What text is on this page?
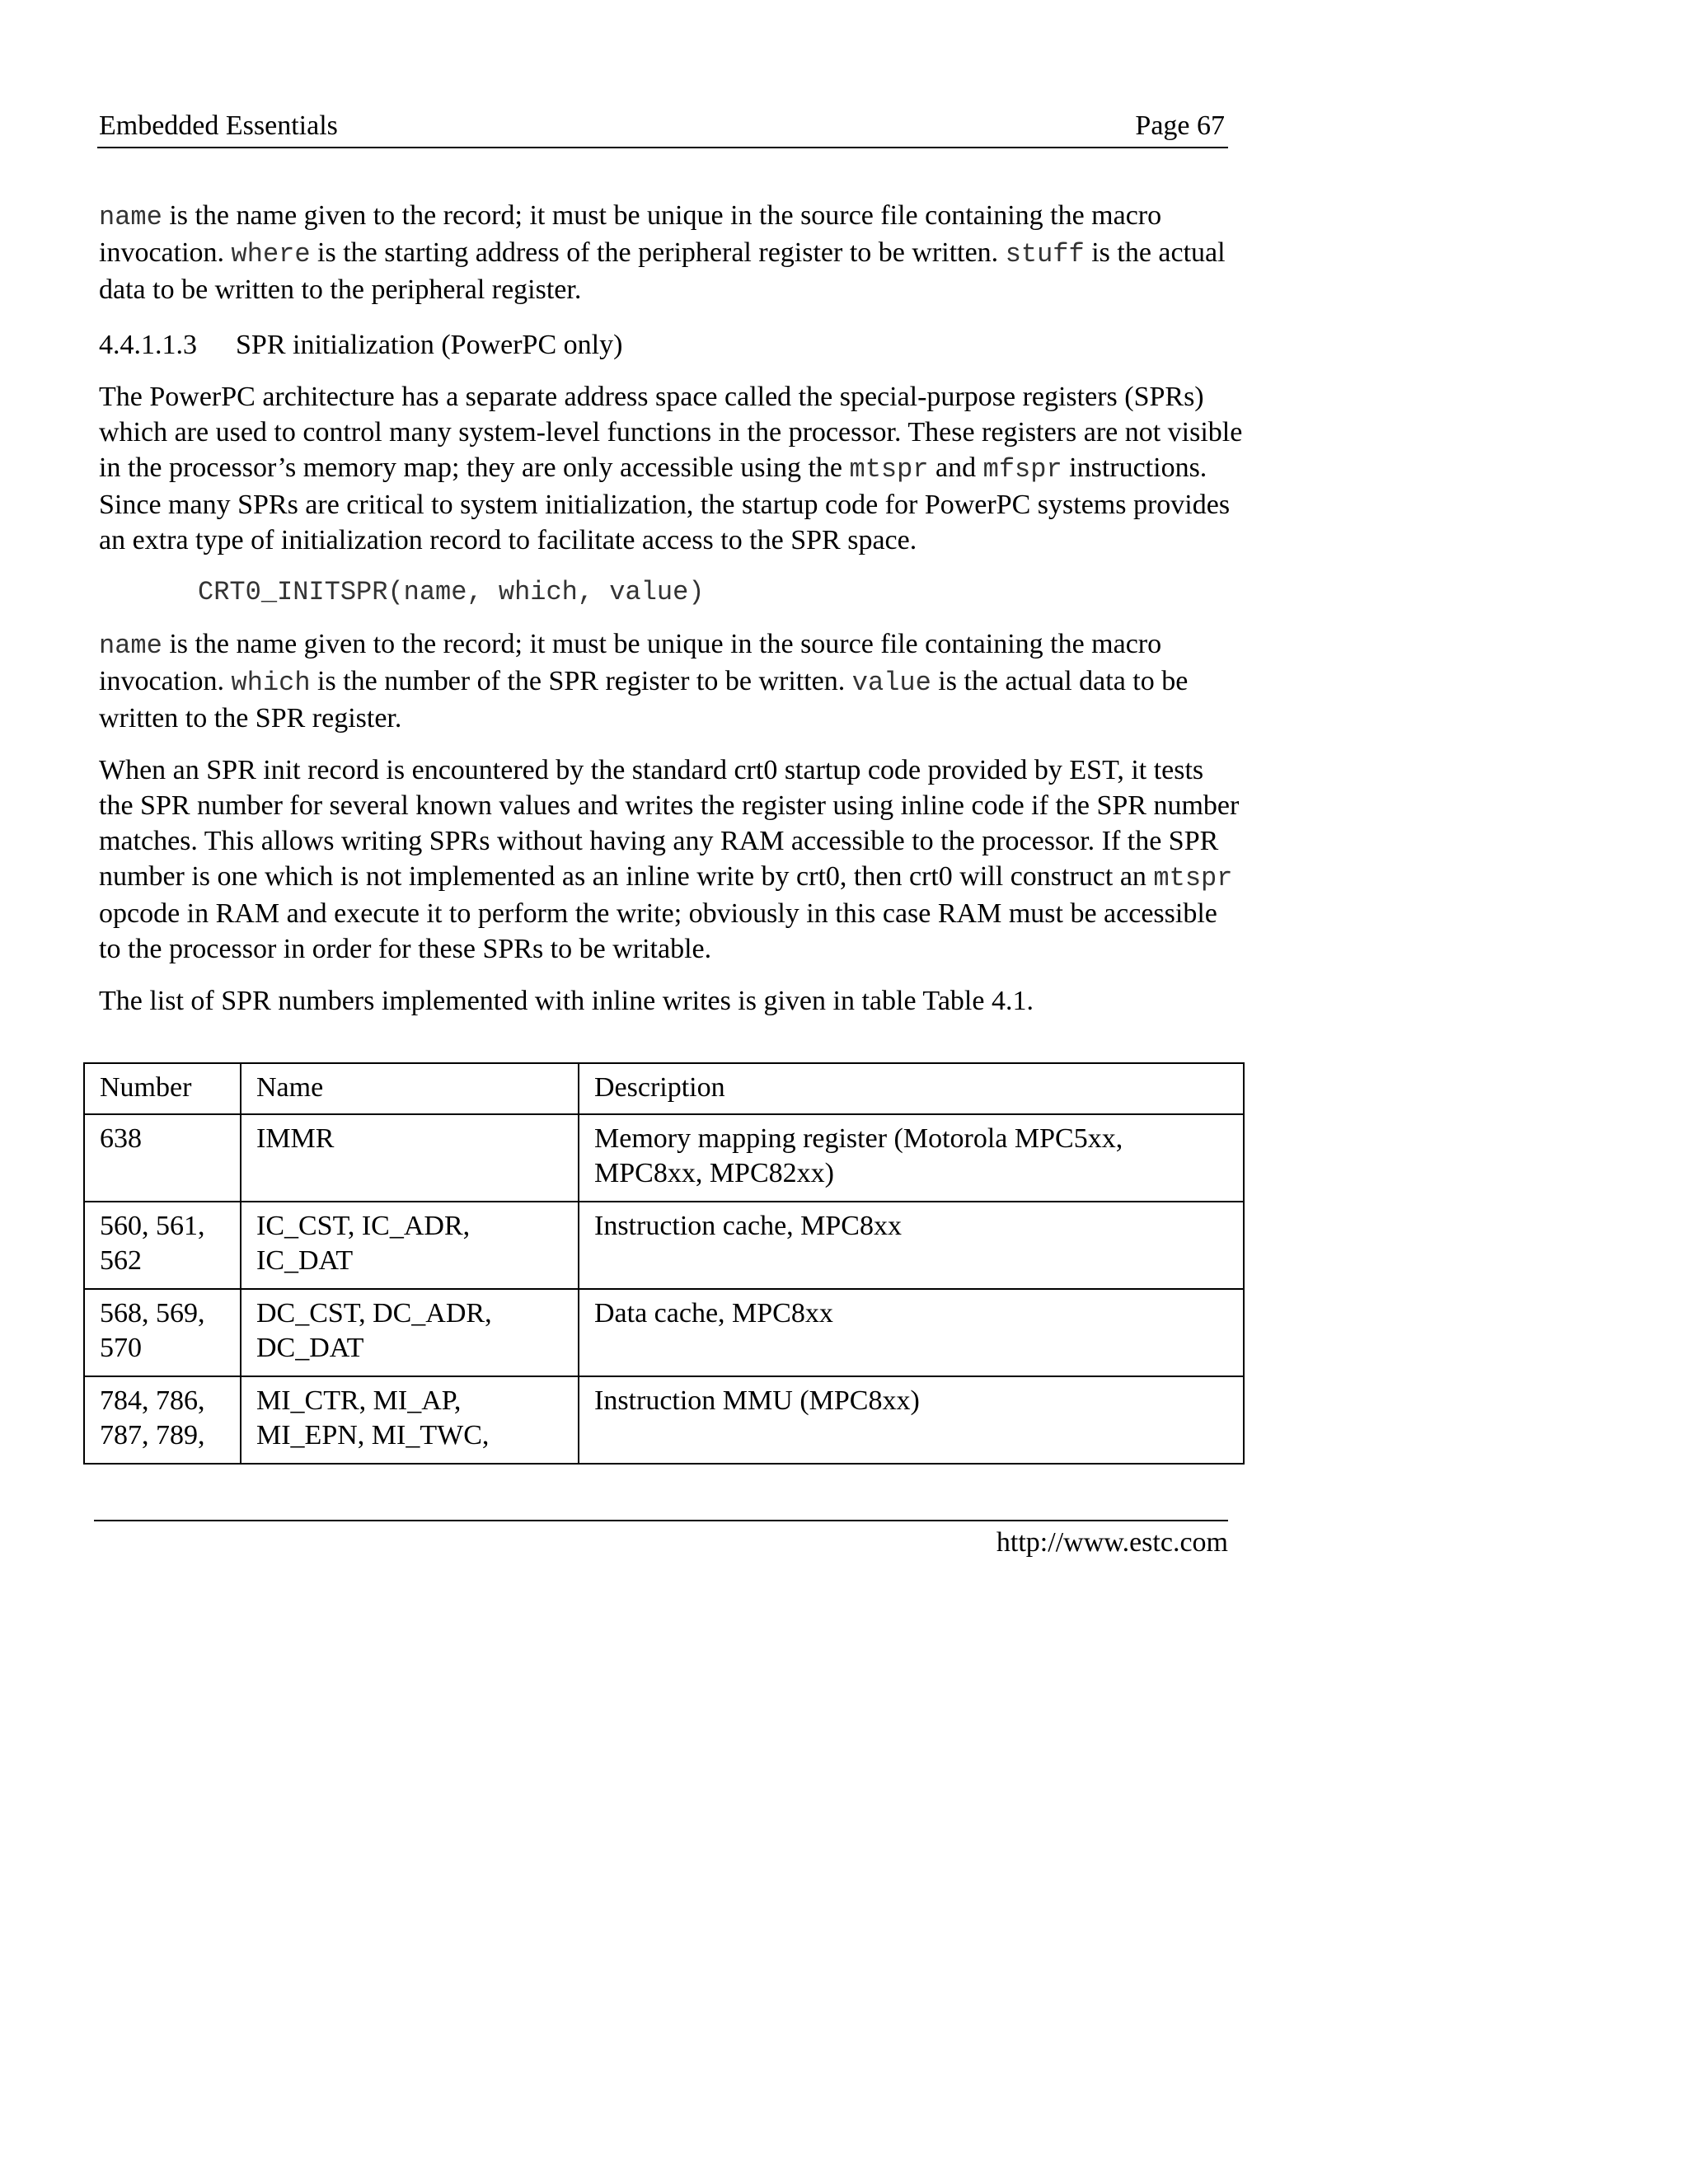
Embedded Essentials	Page 67

name is the name given to the record; it must be unique in the source file containing the macro invocation. where is the starting address of the peripheral register to be written. stuff is the actual data to be written to the peripheral register.

4.4.1.1.3 SPR initialization (PowerPC only)

The PowerPC architecture has a separate address space called the special-purpose registers (SPRs) which are used to control many system-level functions in the processor. These registers are not visible in the processor’s memory map; they are only accessible using the mtspr and mfspr instructions. Since many SPRs are critical to system initialization, the startup code for PowerPC systems provides an extra type of initialization record to facilitate access to the SPR space.

CRT0_INITSPR(name, which, value)

name is the name given to the record; it must be unique in the source file containing the macro invocation. which is the number of the SPR register to be written. value is the actual data to be written to the SPR register.

When an SPR init record is encountered by the standard crt0 startup code provided by EST, it tests the SPR number for several known values and writes the register using inline code if the SPR number matches. This allows writing SPRs without having any RAM accessible to the processor. If the SPR number is one which is not implemented as an inline write by crt0, then crt0 will construct an mtspr opcode in RAM and execute it to perform the write; obviously in this case RAM must be accessible to the processor in order for these SPRs to be writable.

The list of SPR numbers implemented with inline writes is given in table Table 4.1.

Number	Name	Description
638	IMMR	Memory mapping register (Motorola MPC5xx, MPC8xx, MPC82xx)
560, 561, 562	IC_CST, IC_ADR, IC_DAT	Instruction cache, MPC8xx
568, 569, 570	DC_CST, DC_ADR, DC_DAT	Data cache, MPC8xx
784, 786, 787, 789,	MI_CTR, MI_AP, MI_EPN, MI_TWC,	Instruction MMU (MPC8xx)
http://www.estc.com
